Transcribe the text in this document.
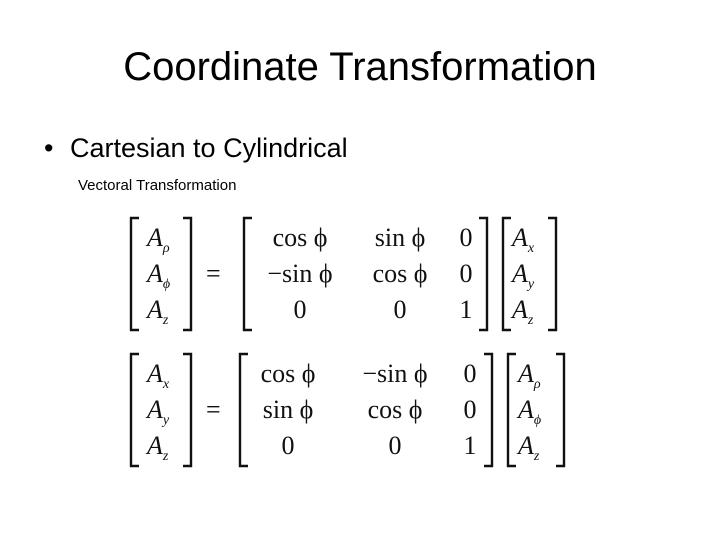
Coordinate Transformation
• Cartesian to Cylindrical
Vectoral Transformation
$A_\rho$
$A_\phi$
$A_z$
=
cos ϕ sin ϕ 0
−sin ϕ cos ϕ 0
0	0 1
$A_x$
$A_y$
$A_z$
$A_x$
$A_y$
$A_z$
=
cos ϕ −sin ϕ 0
sin ϕ cos ϕ 0
0	0 1
$A_\rho$
$A_\phi$
$A_z$
